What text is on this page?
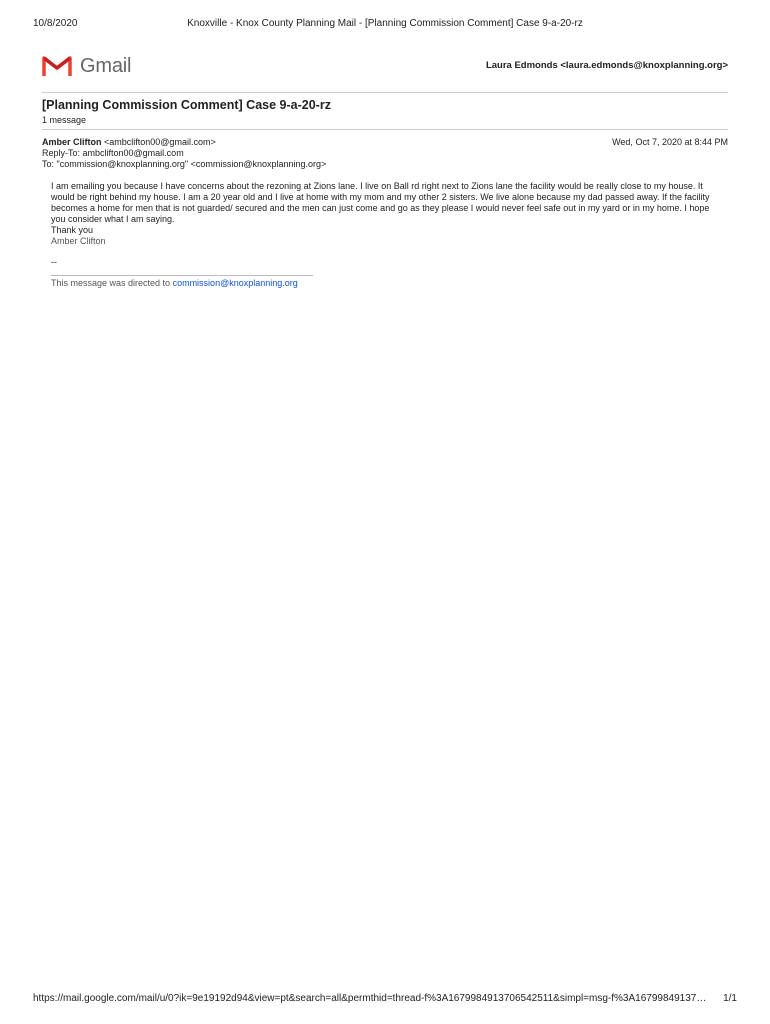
10/8/2020	Knoxville - Knox County Planning Mail - [Planning Commission Comment] Case 9-a-20-rz
Gmail	Laura Edmonds <laura.edmonds@knoxplanning.org>
[Planning Commission Comment] Case 9-a-20-rz
1 message
Amber Clifton <ambclifton00@gmail.com>
Reply-To: ambclifton00@gmail.com
To: "commission@knoxplanning.org" <commission@knoxplanning.org>
Wed, Oct 7, 2020 at 8:44 PM

I am emailing you because I have concerns about the rezoning at Zions lane. I live on Ball rd right next to Zions lane the facility would be really close to my house. It would be right behind my house. I am a 20 year old and I live at home with my mom and my other 2 sisters. We live alone because my dad passed away. If the facility becomes a home for men that is not guarded/ secured and the men can just come and go as they please I would never feel safe out in my yard or in my home. I hope you consider what I am saying.

Thank you

Amber Clifton

--
This message was directed to commission@knoxplanning.org
https://mail.google.com/mail/u/0?ik=9e19192d94&view=pt&search=all&permthid=thread-f%3A1679984913706542511&simpl=msg-f%3A16799849137…	1/1
